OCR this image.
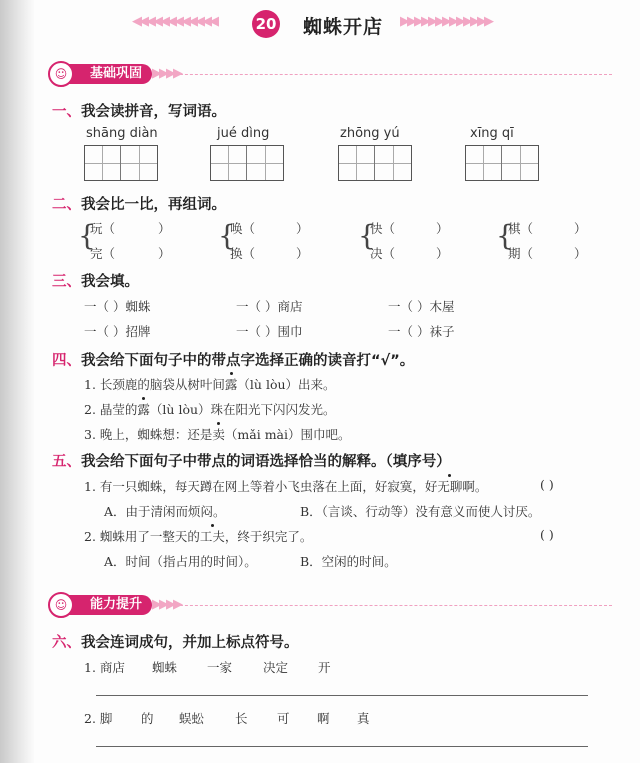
◀◀◀◀◀◀◀◀◀◀◀◀	20 蜘蛛开店 ▶▶▶▶▶▶▶▶▶▶▶▶▶
基础巩固
☺	▶▶▶▶
一、我会读拼音，写词语。
shāng diàn	jué dìng	zhōng yú	xīng qī
二、我会比一比，再组词。
{
玩（	）
完（	）
{
唤（	）
换（	）
{
快（	）
决（	）
{
棋（	）
期（	）
三、我会填。
一（ ）蜘蛛	一（ ）商店	一（ ）木屋
一（ ）招牌	一（ ）围巾	一（ ）袜子
四、我会给下面句子中的带点字选择正确的读音打“√”。
1. 长颈鹿的脑袋从树叶间露（lù lòu）出来。
2. 晶莹的露（lù lòu）珠在阳光下闪闪发光。
3. 晚上，蜘蛛想：还是卖（mǎi mài）围巾吧。
五、我会给下面句子中带点的词语选择恰当的解释。（填序号）
1. 有一只蜘蛛，每天蹲在网上等着小飞虫落在上面，好寂寞，好无聊啊。	( )
A．由于清闲而烦闷。	B．（言谈、行动等）没有意义而使人讨厌。
2. 蜘蛛用了一整天的工夫，终于织完了。	( )
A．时间（指占用的时间）。	B．空闲的时间。
能力提升
☺	▶▶▶▶
六、我会连词成句，并加上标点符号。
1. 商店 蜘蛛 一家 决定 开
2. 脚 的 蜈蚣 长 可 啊 真
